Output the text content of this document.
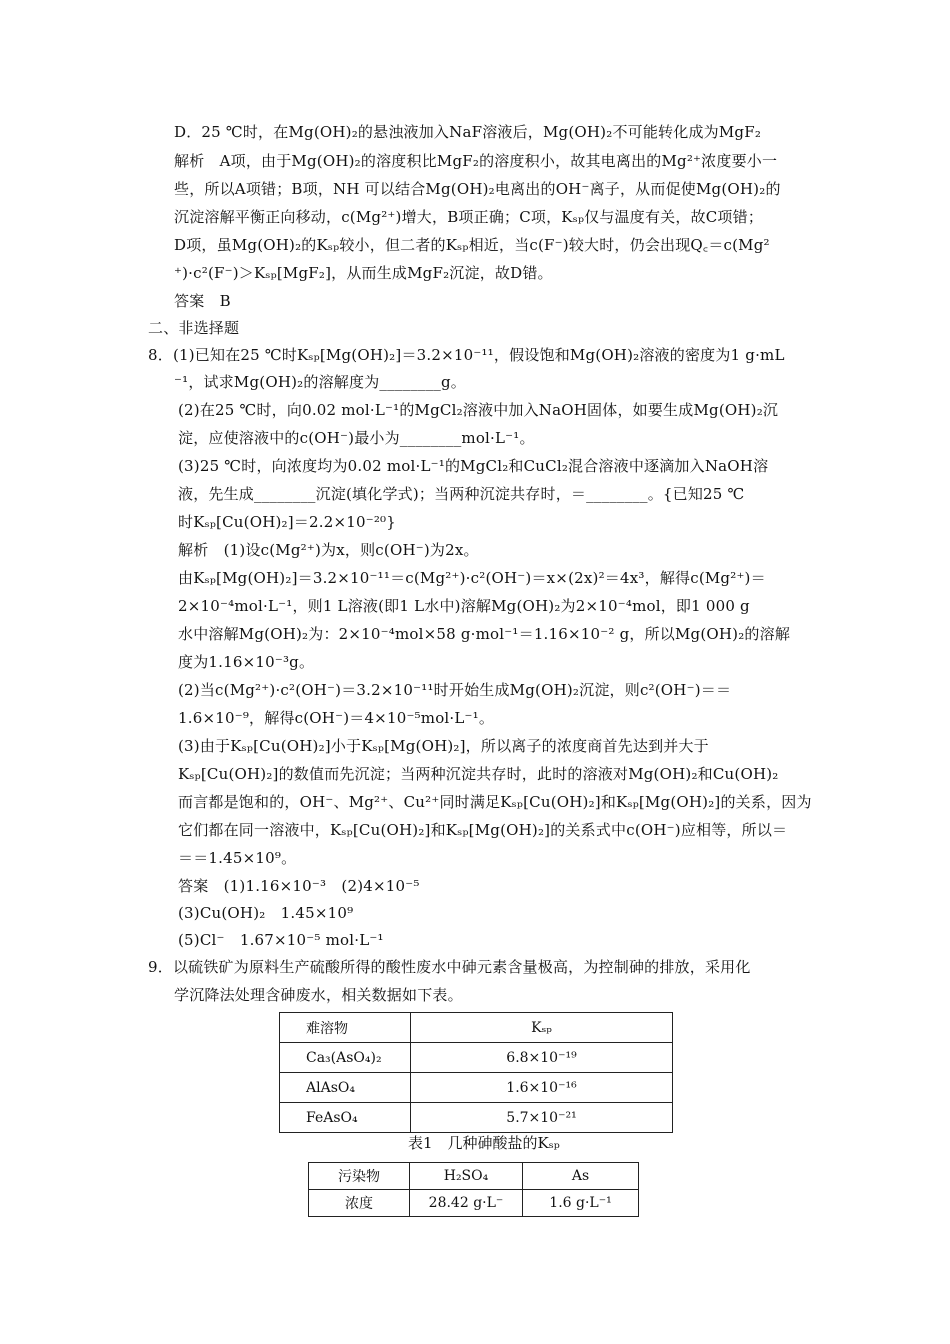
D．25 ℃时，在Mg(OH)₂的悬浊液加入NaF溶液后，Mg(OH)₂不可能转化成为MgF₂
解析　A项，由于Mg(OH)₂的溶度积比MgF₂的溶度积小，故其电离出的Mg²⁺浓度要小一
些，所以A项错；B项，NH 可以结合Mg(OH)₂电离出的OH⁻离子，从而促使Mg(OH)₂的
沉淀溶解平衡正向移动，c(Mg²⁺)增大，B项正确；C项，Kₛₚ仅与温度有关，故C项错；
D项，虽Mg(OH)₂的Kₛₚ较小，但二者的Kₛₚ相近，当c(F⁻)较大时，仍会出现Q꜀＝c(Mg²
⁺)·c²(F⁻)＞Kₛₚ[MgF₂]，从而生成MgF₂沉淀，故D错。
答案　B
二、非选择题
8．(1)已知在25 ℃时Kₛₚ[Mg(OH)₂]＝3.2×10⁻¹¹，假设饱和Mg(OH)₂溶液的密度为1 g·mL
⁻¹，试求Mg(OH)₂的溶解度为________g。
(2)在25 ℃时，向0.02 mol·L⁻¹的MgCl₂溶液中加入NaOH固体，如要生成Mg(OH)₂沉
淀，应使溶液中的c(OH⁻)最小为________mol·L⁻¹。
(3)25 ℃时，向浓度均为0.02 mol·L⁻¹的MgCl₂和CuCl₂混合溶液中逐滴加入NaOH溶
液，先生成________沉淀(填化学式)；当两种沉淀共存时，＝________。{已知25 ℃
时Kₛₚ[Cu(OH)₂]＝2.2×10⁻²⁰}
解析　(1)设c(Mg²⁺)为x，则c(OH⁻)为2x。
由Kₛₚ[Mg(OH)₂]＝3.2×10⁻¹¹＝c(Mg²⁺)·c²(OH⁻)＝x×(2x)²＝4x³，解得c(Mg²⁺)＝
2×10⁻⁴mol·L⁻¹，则1 L溶液(即1 L水中)溶解Mg(OH)₂为2×10⁻⁴mol，即1 000 g
水中溶解Mg(OH)₂为：2×10⁻⁴mol×58 g·mol⁻¹＝1.16×10⁻² g，所以Mg(OH)₂的溶解
度为1.16×10⁻³g。
(2)当c(Mg²⁺)·c²(OH⁻)＝3.2×10⁻¹¹时开始生成Mg(OH)₂沉淀，则c²(OH⁻)＝＝
1.6×10⁻⁹，解得c(OH⁻)＝4×10⁻⁵mol·L⁻¹。
(3)由于Kₛₚ[Cu(OH)₂]小于Kₛₚ[Mg(OH)₂]，所以离子的浓度商首先达到并大于
Kₛₚ[Cu(OH)₂]的数值而先沉淀；当两种沉淀共存时，此时的溶液对Mg(OH)₂和Cu(OH)₂
而言都是饱和的，OH⁻、Mg²⁺、Cu²⁺同时满足Kₛₚ[Cu(OH)₂]和Kₛₚ[Mg(OH)₂]的关系，因为
它们都在同一溶液中，Kₛₚ[Cu(OH)₂]和Kₛₚ[Mg(OH)₂]的关系式中c(OH⁻)应相等，所以＝
＝＝1.45×10⁹。
答案　(1)1.16×10⁻³　(2)4×10⁻⁵
(3)Cu(OH)₂　1.45×10⁹
(5)Cl⁻　1.67×10⁻⁵ mol·L⁻¹
9．以硫铁矿为原料生产硫酸所得的酸性废水中砷元素含量极高，为控制砷的排放，采用化
学沉降法处理含砷废水，相关数据如下表。
难溶物	Kₛₚ
Ca₃(AsO₄)₂	6.8×10⁻¹⁹
AlAsO₄	1.6×10⁻¹⁶
FeAsO₄	5.7×10⁻²¹
表1　几种砷酸盐的Kₛₚ
污染物	H₂SO₄	As
浓度	28.42 g·L⁻	1.6 g·L⁻¹
